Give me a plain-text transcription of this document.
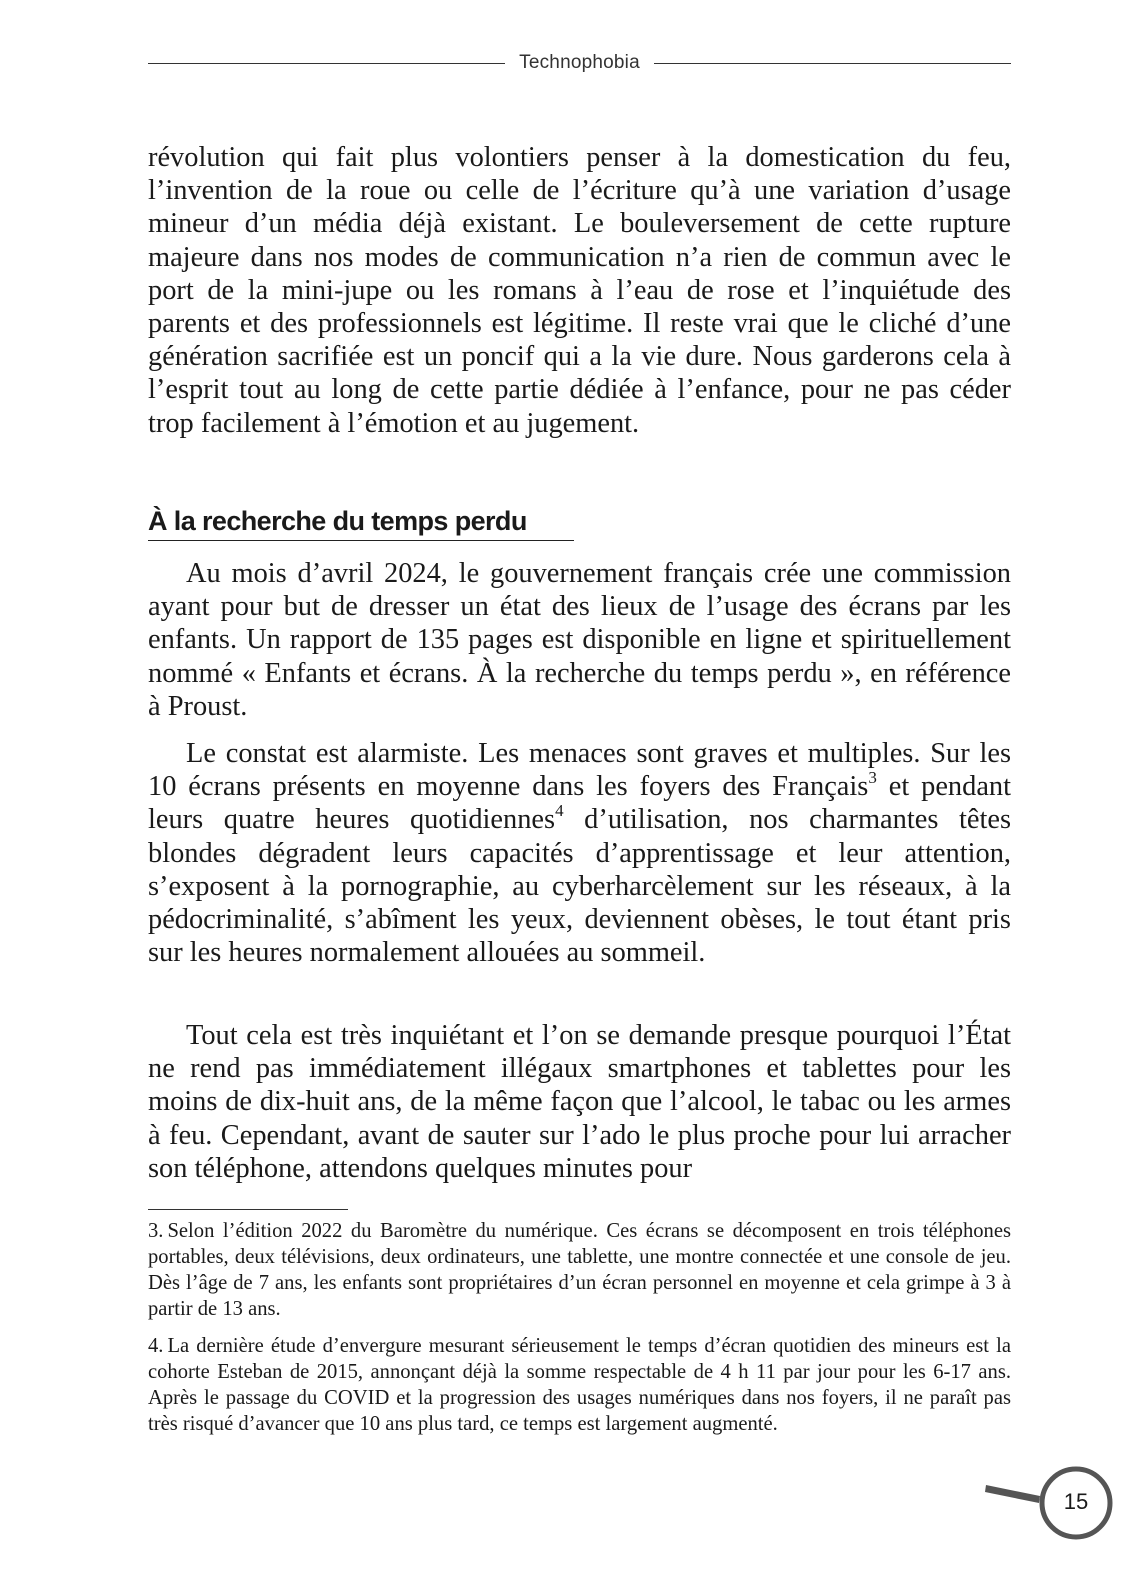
Technophobia

révolution qui fait plus volontiers penser à la domestication du feu, l’invention de la roue ou celle de l’écriture qu’à une variation d’usage mineur d’un média déjà existant. Le bouleversement de cette rupture majeure dans nos modes de communication n’a rien de commun avec le port de la mini-jupe ou les romans à l’eau de rose et l’inquiétude des parents et des professionnels est légitime. Il reste vrai que le cliché d’une génération sacrifiée est un poncif qui a la vie dure. Nous garderons cela à l’esprit tout au long de cette partie dédiée à l’enfance, pour ne pas céder trop facilement à l’émotion et au jugement.

À la recherche du temps perdu

Au mois d’avril 2024, le gouvernement français crée une commission ayant pour but de dresser un état des lieux de l’usage des écrans par les enfants. Un rapport de 135 pages est disponible en ligne et spirituellement nommé « Enfants et écrans. À la recherche du temps perdu », en référence à Proust.

Le constat est alarmiste. Les menaces sont graves et multiples. Sur les 10 écrans présents en moyenne dans les foyers des Français$^3$ et pendant leurs quatre heures quotidiennes$^4$ d’utilisation, nos charmantes têtes blondes dégradent leurs capacités d’apprentissage et leur attention, s’exposent à la pornographie, au cyberharcèlement sur les réseaux, à la pédocriminalité, s’abîment les yeux, deviennent obèses, le tout étant pris sur les heures normalement allouées au sommeil.

Tout cela est très inquiétant et l’on se demande presque pourquoi l’État ne rend pas immédiatement illégaux smartphones et tablettes pour les moins de dix-huit ans, de la même façon que l’alcool, le tabac ou les armes à feu. Cependant, avant de sauter sur l’ado le plus proche pour lui arracher son téléphone, attendons quelques minutes pour

3. Selon l’édition 2022 du Baromètre du numérique. Ces écrans se décomposent en trois téléphones portables, deux télévisions, deux ordinateurs, une tablette, une montre connectée et une console de jeu. Dès l’âge de 7 ans, les enfants sont propriétaires d’un écran personnel en moyenne et cela grimpe à 3 à partir de 13 ans.

4. La dernière étude d’envergure mesurant sérieusement le temps d’écran quotidien des mineurs est la cohorte Esteban de 2015, annonçant déjà la somme respectable de 4 h 11 par jour pour les 6-17 ans. Après le passage du COVID et la progression des usages numériques dans nos foyers, il ne paraît pas très risqué d’avancer que 10 ans plus tard, ce temps est largement augmenté.

15
